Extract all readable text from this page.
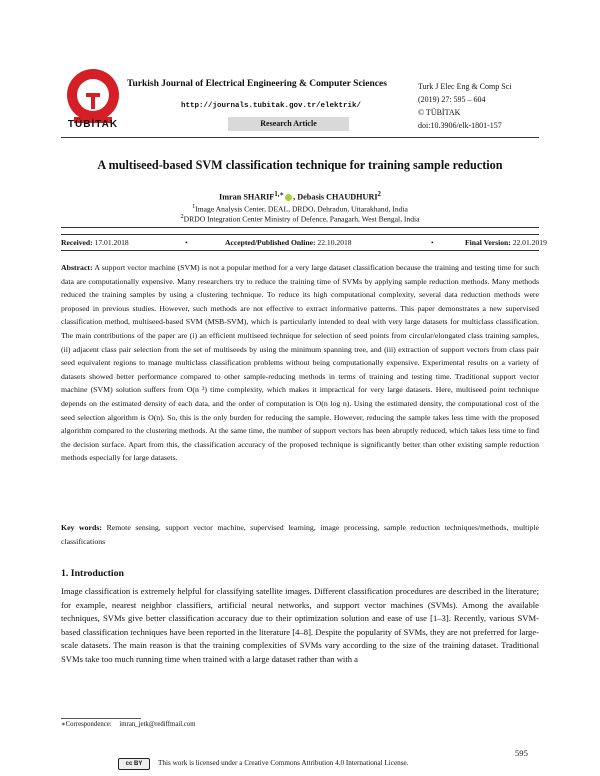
TÜBİTAK
Turkish Journal of Electrical Engineering & Computer Sciences
http://journals.tubitak.gov.tr/elektrik/
Research Article
Turk J Elec Eng & Comp Sci
(2019) 27: 595 – 604
© TÜBİTAK
doi:10.3906/elk-1801-157
A multiseed-based SVM classification technique for training sample reduction
Imran $SHARIF^{1,∗}$ , Debasis CHAUDHURI$^2$
$^1$Image Analysis Center, DEAL, DRDO, Dehradun, Uttarakhand, India
$^2$DRDO Integration Center Ministry of Defence, Panagarh, West Bengal, India
Received: 17.01.2018	•	Accepted/Published Online: 22.10.2018	•	Final Version: 22.01.2019
Abstract: A support vector machine (SVM) is not a popular method for a very large dataset classification because the training and testing time for such data are computationally expensive. Many researchers try to reduce the training time of SVMs by applying sample reduction methods. Many methods reduced the training samples by using a clustering technique. To reduce its high computational complexity, several data reduction methods were proposed in previous studies. However, such methods are not effective to extract informative patterns. This paper demonstrates a new supervised classification method, multiseed-based SVM (MSB-SVM), which is particularly intended to deal with very large datasets for multiclass classification. The main contributions of the paper are (i) an efficient multiseed technique for selection of seed points from circular/elongated class training samples, (ii) adjacent class pair selection from the set of multiseeds by using the minimum spanning tree, and (iii) extraction of support vectors from class pair seed equivalent regions to manage multiclass classification problems without being computationally expensive. Experimental results on a variety of datasets showed better performance compared to other sample-reducing methods in terms of training and testing time. Traditional support vector machine (SVM) solution suffers from O(n ³) time complexity, which makes it impractical for very large datasets. Here, multiseed point technique depends on the estimated density of each data, and the order of computation is O(n log n). Using the estimated density, the computational cost of the seed selection algorithm is O(n). So, this is the only burden for reducing the sample. However, reducing the sample takes less time with the proposed algorithm compared to the clustering methods. At the same time, the number of support vectors has been abruptly reduced, which takes less time to find the decision surface. Apart from this, the classification accuracy of the proposed technique is significantly better than other existing sample reduction methods especially for large datasets.
Key words: Remote sensing, support vector machine, supervised learning, image processing, sample reduction techniques/methods, multiple classifications
1. Introduction
Image classification is extremely helpful for classifying satellite images. Different classification procedures are described in the literature; for example, nearest neighbor classifiers, artificial neural networks, and support vector machines (SVMs). Among the available techniques, SVMs give better classification accuracy due to their optimization solution and ease of use [1–3]. Recently, various SVM-based classification techniques have been reported in the literature [4–8]. Despite the popularity of SVMs, they are not preferred for large-scale datasets. The main reason is that the training complexities of SVMs vary according to the size of the training dataset. Traditional SVMs take too much running time when trained with a large dataset rather than with a
∗Correspondence: imran_jetk@rediffmail.com
595
cc BY	This work is licensed under a Creative Commons Attribution 4.0 International License.
